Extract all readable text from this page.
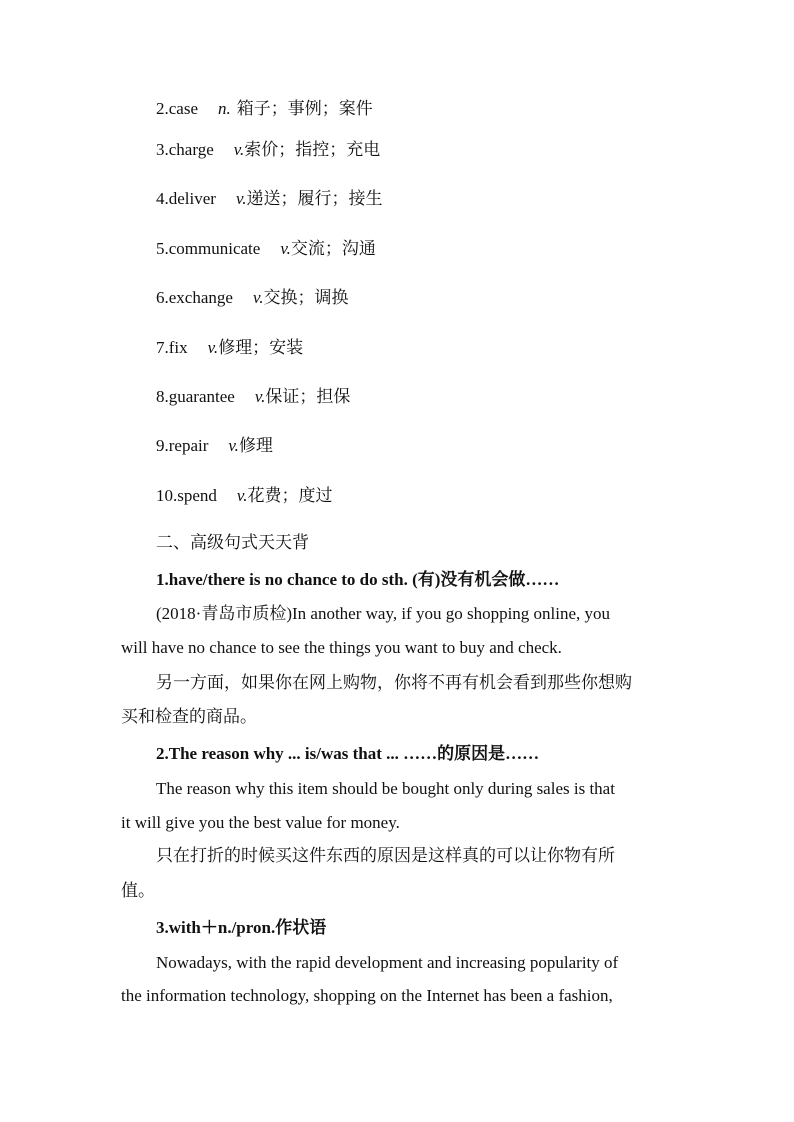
2.case n. 箱子；事例；案件
3.charge v.索价；指控；充电
4.deliver v.递送；履行；接生
5.communicate v.交流；沟通
6.exchange v.交换；调换
7.fix v.修理；安装
8.guarantee v.保证；担保
9.repair v.修理
10.spend v.花费；度过
二、高级句式天天背
1.have/there is no chance to do sth. (有)没有机会做……
(2018·青岛市质检)In another way, if you go shopping online, you
will have no chance to see the things you want to buy and check.
另一方面，如果你在网上购物，你将不再有机会看到那些你想购
买和检查的商品。
2.The reason why ... is/was that ... ……的原因是……
The reason why this item should be bought only during sales is that
it will give you the best value for money.
只在打折的时候买这件东西的原因是这样真的可以让你物有所
值。
3.with＋n./pron.作状语
Nowadays, with the rapid development and increasing popularity of
the information technology, shopping on the Internet has been a fashion,
